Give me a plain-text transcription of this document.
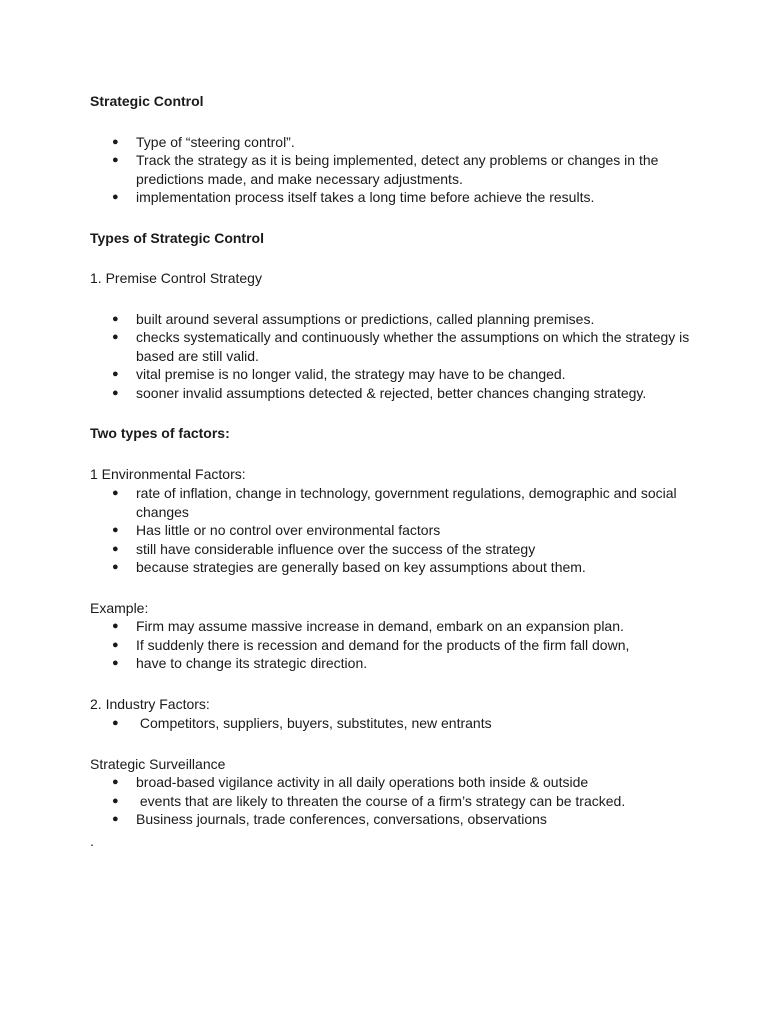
Strategic Control

● Type of “steering control”.
● Track the strategy as it is being implemented, detect any problems or changes in the predictions made, and make necessary adjustments.
● implementation process itself takes a long time before achieve the results.

Types of Strategic Control

1. Premise Control Strategy

● built around several assumptions or predictions, called planning premises.
● checks systematically and continuously whether the assumptions on which the strategy is based are still valid.
● vital premise is no longer valid, the strategy may have to be changed.
● sooner invalid assumptions detected & rejected, better chances changing strategy.

Two types of factors:

1 Environmental Factors:

● rate of inflation, change in technology, government regulations, demographic and social changes
● Has little or no control over environmental factors
● still have considerable influence over the success of the strategy
● because strategies are generally based on key assumptions about them.

Example:

● Firm may assume massive increase in demand, embark on an expansion plan.
● If suddenly there is recession and demand for the products of the firm fall down,
● have to change its strategic direction.

2. Industry Factors:

●  Competitors, suppliers, buyers, substitutes, new entrants

Strategic Surveillance

● broad-based vigilance activity in all daily operations both inside & outside
●  events that are likely to threaten the course of a firm’s strategy can be tracked.
● Business journals, trade conferences, conversations, observations

.
